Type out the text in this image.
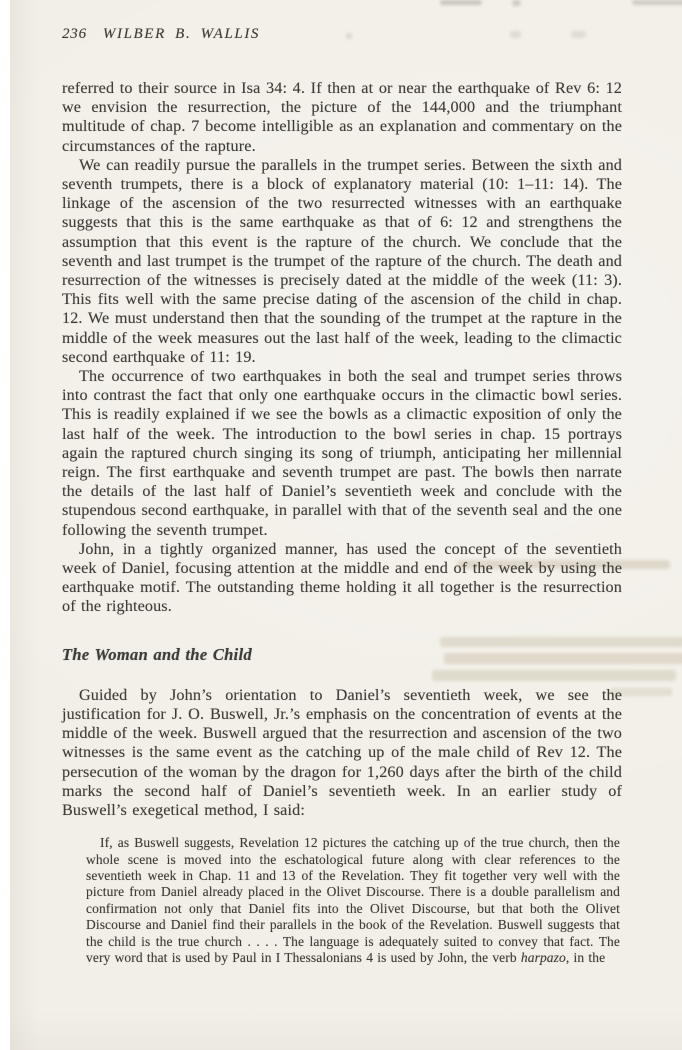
236 WILBER B. WALLIS

referred to their source in Isa 34: 4. If then at or near the earthquake of Rev 6: 12 we envision the resurrection, the picture of the 144,000 and the triumphant multitude of chap. 7 become intelligible as an explanation and commentary on the circumstances of the rapture.

We can readily pursue the parallels in the trumpet series. Between the sixth and seventh trumpets, there is a block of explanatory material (10: 1–11: 14). The linkage of the ascension of the two resurrected witnesses with an earthquake suggests that this is the same earthquake as that of 6: 12 and strengthens the assumption that this event is the rapture of the church. We conclude that the seventh and last trumpet is the trumpet of the rapture of the church. The death and resurrection of the witnesses is precisely dated at the middle of the week (11: 3). This fits well with the same precise dating of the ascension of the child in chap. 12. We must understand then that the sounding of the trumpet at the rapture in the middle of the week measures out the last half of the week, leading to the climactic second earthquake of 11: 19.

The occurrence of two earthquakes in both the seal and trumpet series throws into contrast the fact that only one earthquake occurs in the climactic bowl series. This is readily explained if we see the bowls as a climactic exposition of only the last half of the week. The introduction to the bowl series in chap. 15 portrays again the raptured church singing its song of triumph, anticipating her millennial reign. The first earthquake and seventh trumpet are past. The bowls then narrate the details of the last half of Daniel’s seventieth week and conclude with the stupendous second earthquake, in parallel with that of the seventh seal and the one following the seventh trumpet.

John, in a tightly organized manner, has used the concept of the seventieth week of Daniel, focusing attention at the middle and end of the week by using the earthquake motif. The outstanding theme holding it all together is the resurrection of the righteous.

The Woman and the Child

Guided by John’s orientation to Daniel’s seventieth week, we see the justification for J. O. Buswell, Jr.’s emphasis on the concentration of events at the middle of the week. Buswell argued that the resurrection and ascension of the two witnesses is the same event as the catching up of the male child of Rev 12. The persecution of the woman by the dragon for 1,260 days after the birth of the child marks the second half of Daniel’s seventieth week. In an earlier study of Buswell’s exegetical method, I said:

If, as Buswell suggests, Revelation 12 pictures the catching up of the true church, then the whole scene is moved into the eschatological future along with clear references to the seventieth week in Chap. 11 and 13 of the Revelation. They fit together very well with the picture from Daniel already placed in the Olivet Discourse. There is a double parallelism and confirmation not only that Daniel fits into the Olivet Discourse, but that both the Olivet Discourse and Daniel find their parallels in the book of the Revelation. Buswell suggests that the child is the true church . . . . The language is adequately suited to convey that fact. The very word that is used by Paul in I Thessalonians 4 is used by John, the verb harpazo, in the
